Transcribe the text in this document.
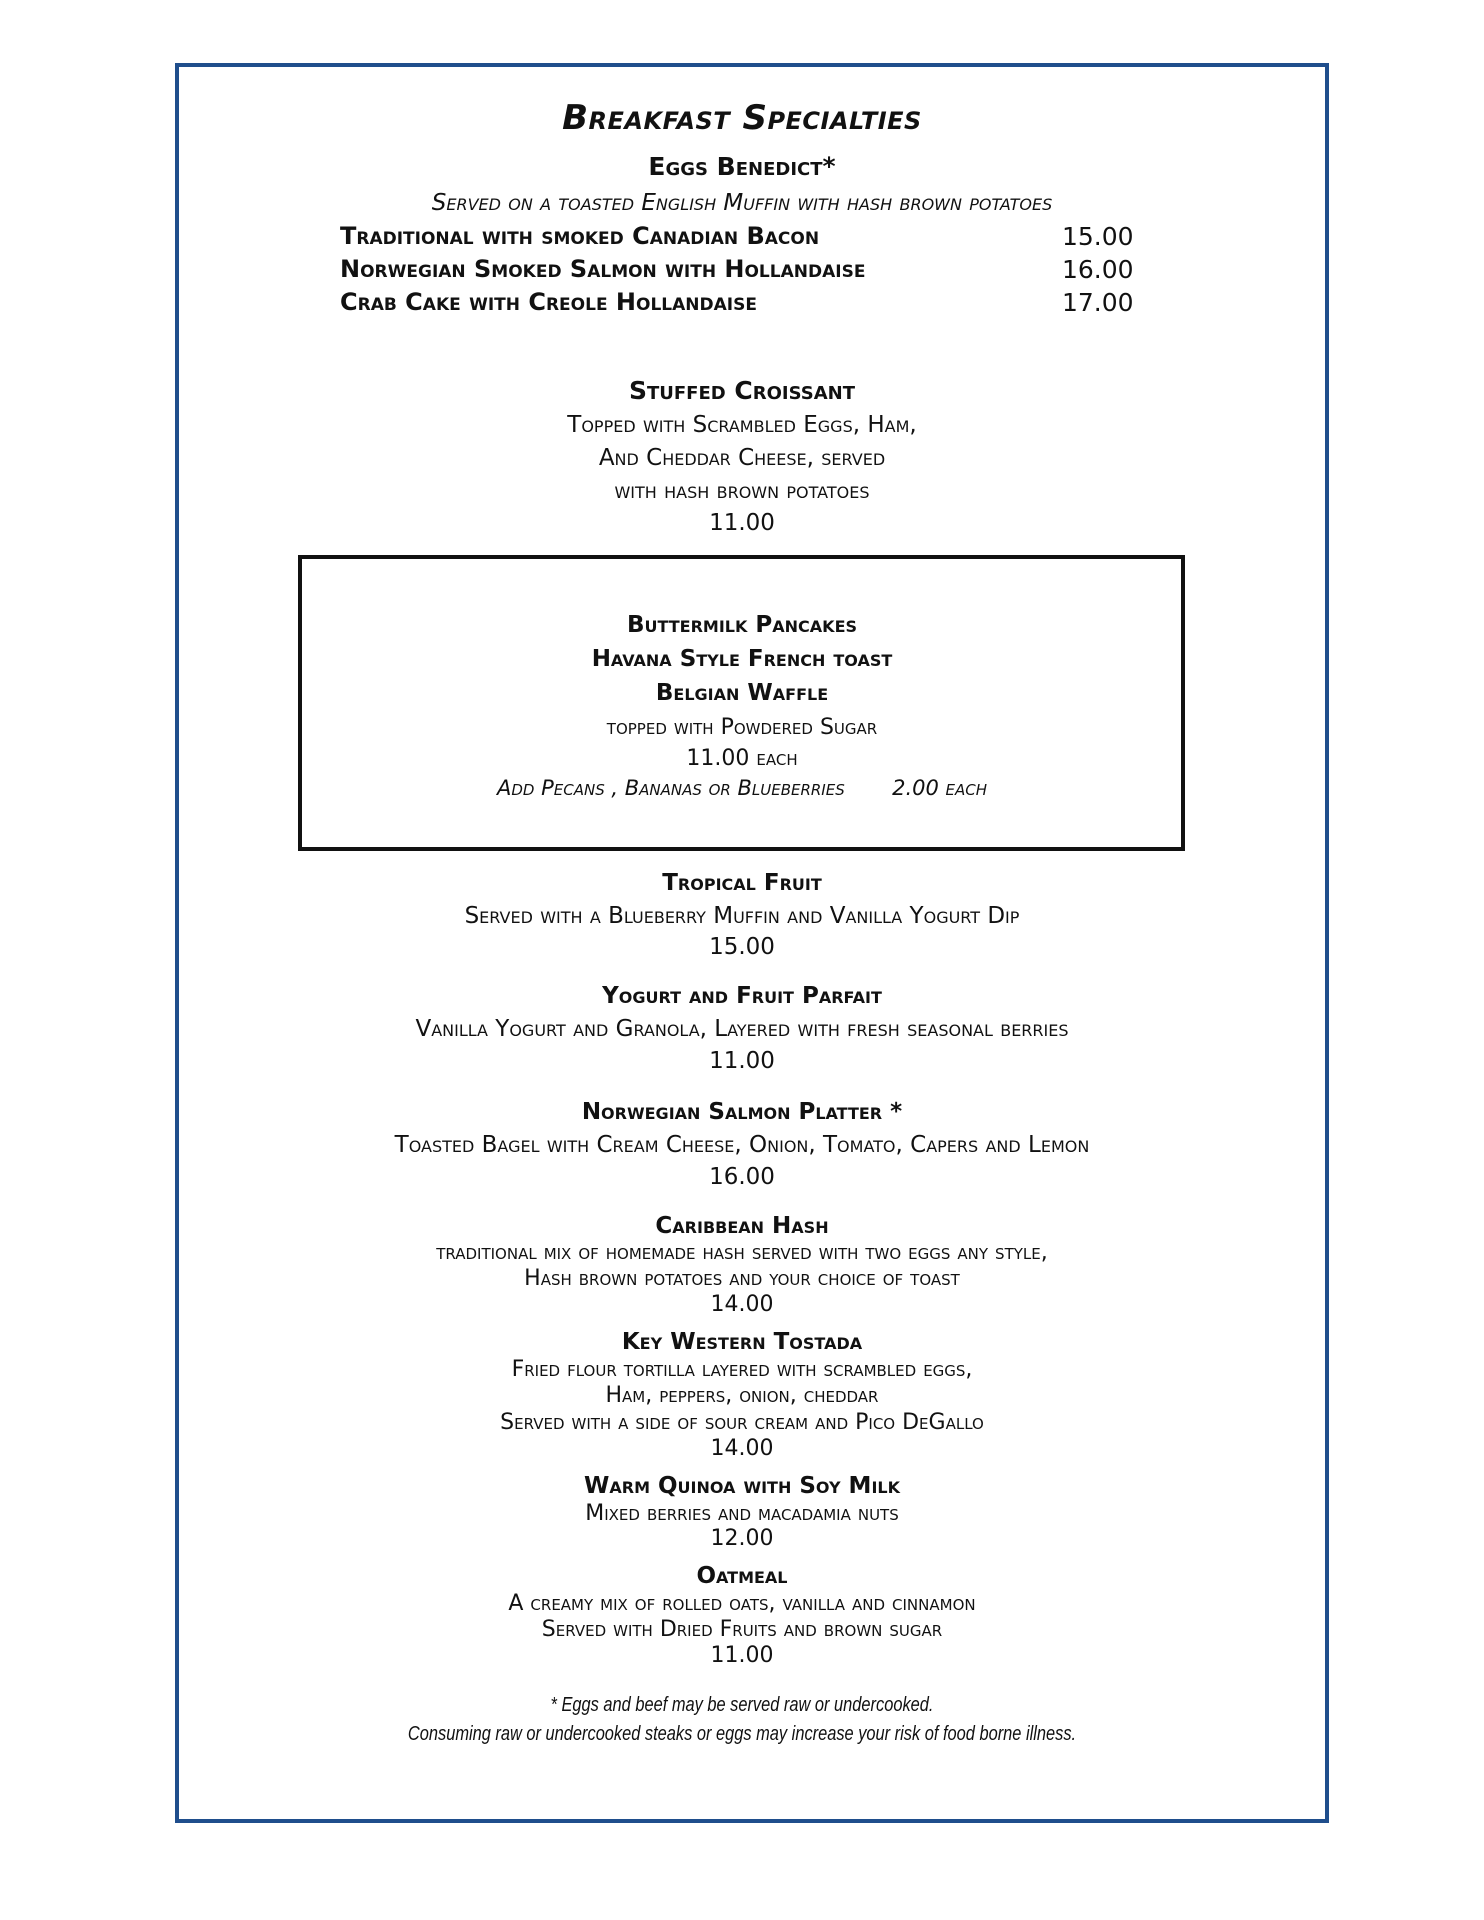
Breakfast Specialties
Eggs Benedict*
Served on a toasted English Muffin with hash brown potatoes
Traditional with smoked Canadian Bacon	15.00
Norwegian Smoked Salmon with Hollandaise	16.00
Crab Cake with Creole Hollandaise	17.00
Stuffed Croissant
Topped with Scrambled Eggs, Ham,
And Cheddar Cheese, served
with hash brown potatoes
11.00
Buttermilk Pancakes
Havana Style French toast
Belgian Waffle
topped with Powdered Sugar
11.00 each
Add Pecans , Bananas or Blueberries 2.00 each
Tropical Fruit
Served with a Blueberry Muffin and Vanilla Yogurt Dip
15.00
Yogurt and Fruit Parfait
Vanilla Yogurt and Granola, Layered with fresh seasonal berries
11.00
Norwegian Salmon Platter *
Toasted Bagel with Cream Cheese, Onion, Tomato, Capers and Lemon
16.00
Caribbean Hash
traditional mix of homemade hash served with two eggs any style,
Hash brown potatoes and your choice of toast
14.00
Key Western Tostada
Fried flour tortilla layered with scrambled eggs,
Ham, peppers, onion, cheddar
Served with a side of sour cream and Pico DeGallo
14.00
Warm Quinoa with Soy Milk
Mixed berries and macadamia nuts
12.00
Oatmeal
A creamy mix of rolled oats, vanilla and cinnamon
Served with Dried Fruits and brown sugar
11.00
* Eggs and beef may be served raw or undercooked.
Consuming raw or undercooked steaks or eggs may increase your risk of food borne illness.
